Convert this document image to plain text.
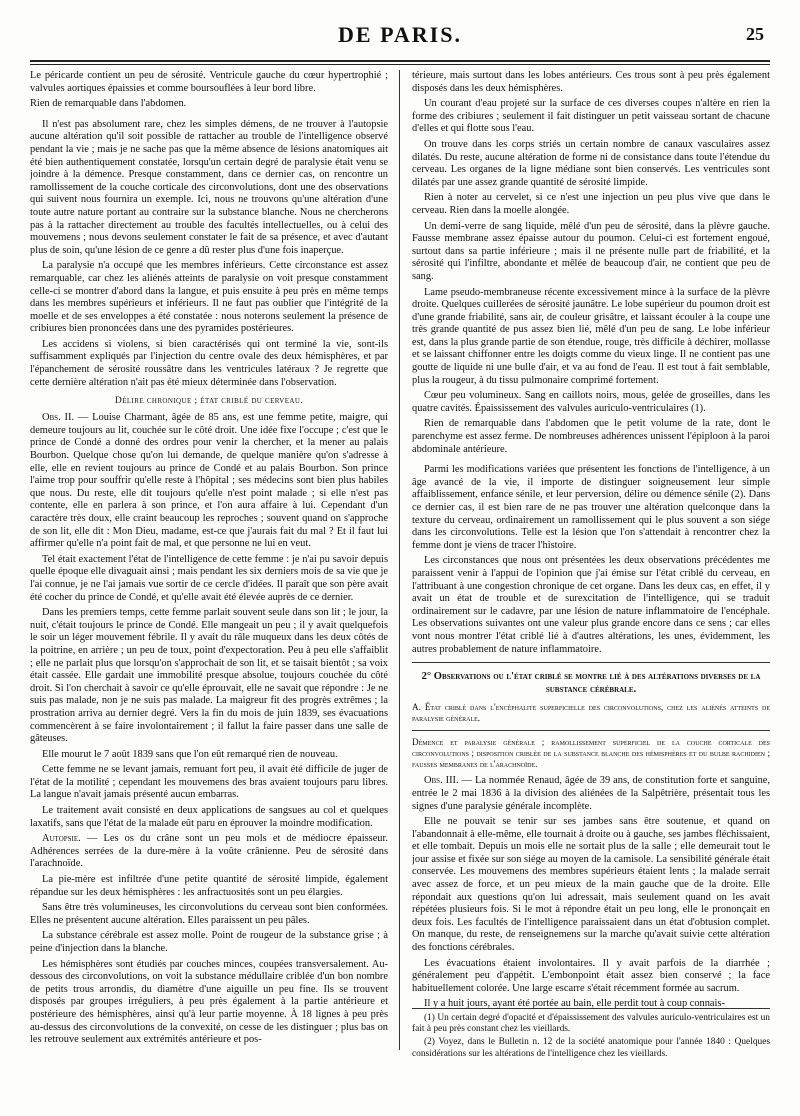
DE PARIS.	25

Le péricarde contient un peu de sérosité. Ventricule gauche du cœur hypertrophié ; valvules aortiques épaissies et comme boursouflées à leur bord libre.

Rien de remarquable dans l'abdomen.

Il n'est pas absolument rare, chez les simples démens, de ne trouver à l'autopsie aucune altération qu'il soit possible de rattacher au trouble de l'intelligence observé pendant la vie ; mais je ne sache pas que la même absence de lésions anatomiques ait été bien authentiquement constatée, lorsqu'un certain degré de paralysie était venu se joindre à la démence. Presque constamment, dans ce dernier cas, on rencontre un ramollissement de la couche corticale des circonvolutions, dont une des observations qui suivent nous fournira un exemple. Ici, nous ne trouvons qu'une altération d'une toute autre nature portant au contraire sur la substance blanche. Nous ne chercherons pas à la rattacher directement au trouble des facultés intellectuelles, ou à celui des mouvemens ; nous devons seulement constater le fait de sa présence, et avec d'autant plus de soin, qu'une lésion de ce genre a dû rester plus d'une fois inaperçue.

La paralysie n'a occupé que les membres inférieurs. Cette circonstance est assez remarquable, car chez les aliénés atteints de paralysie on voit presque constamment celle-ci se montrer d'abord dans la langue, et puis ensuite à peu près en même temps dans les membres supérieurs et inférieurs. Il ne faut pas oublier que l'intégrité de la moelle et de ses enveloppes a été constatée : nous noterons seulement la présence de cribiures bien prononcées dans une des pyramides postérieures.

Les accidens si violens, si bien caractérisés qui ont terminé la vie, sont-ils suffisamment expliqués par l'injection du centre ovale des deux hémisphères, et par l'épanchement de sérosité roussâtre dans les ventricules latéraux ? Je regrette que cette dernière altération n'ait pas été mieux déterminée dans l'observation.

Délire chronique ; état criblé du cerveau.

Obs. II. — Louise Charmant, âgée de 85 ans, est une femme petite, maigre, qui demeure toujours au lit, couchée sur le côté droit. Une idée fixe l'occupe ; c'est que le prince de Condé a donné des ordres pour venir la chercher, et la mener au palais Bourbon. Quelque chose qu'on lui demande, de quelque manière qu'on s'adresse à elle, elle en revient toujours au prince de Condé et au palais Bourbon. Son prince l'aime trop pour souffrir qu'elle reste à l'hôpital ; ses médecins sont bien plus habiles que nous. Du reste, elle dit toujours qu'elle n'est point malade ; si elle n'est pas contente, elle en parlera à son prince, et l'on aura affaire à lui. Cependant d'un caractère très doux, elle craint beaucoup les reproches ; souvent quand on s'approche de son lit, elle dit : Mon Dieu, madame, est-ce que j'aurais fait du mal ? Et il faut lui affirmer qu'elle n'a point fait de mal, et que personne ne lui en veut.

Tel était exactement l'état de l'intelligence de cette femme : je n'ai pu savoir depuis quelle époque elle divaguait ainsi ; mais pendant les six derniers mois de sa vie que je l'ai connue, je ne l'ai jamais vue sortir de ce cercle d'idées. Il paraît que son père avait été cocher du prince de Condé, et qu'elle avait été élevée auprès de ce dernier.

Dans les premiers temps, cette femme parlait souvent seule dans son lit ; le jour, la nuit, c'était toujours le prince de Condé. Elle mangeait un peu ; il y avait quelquefois le soir un léger mouvement fébrile. Il y avait du râle muqueux dans les deux côtés de la poitrine, en arrière ; un peu de toux, point d'expectoration. Peu à peu elle s'affaiblit ; elle ne parlait plus que lorsqu'on s'approchait de son lit, et se taisait bientôt ; sa voix était cassée. Elle gardait une immobilité presque absolue, toujours couchée du côté droit. Si l'on cherchait à savoir ce qu'elle éprouvait, elle ne savait que répondre : Je ne suis pas malade, non je ne suis pas malade. La maigreur fit des progrès extrêmes ; la prostration arriva au dernier degré. Vers la fin du mois de juin 1839, ses évacuations commencèrent à se faire involontairement ; il fallut la faire passer dans une salle de gâteuses.

Elle mourut le 7 août 1839 sans que l'on eût remarqué rien de nouveau.

Cette femme ne se levant jamais, remuant fort peu, il avait été difficile de juger de l'état de la motilité ; cependant les mouvemens des bras avaient toujours paru libres. La langue n'avait jamais présenté aucun embarras.

Le traitement avait consisté en deux applications de sangsues au col et quelques laxatifs, sans que l'état de la malade eût paru en éprouver la moindre modification.

Autopsie. — Les os du crâne sont un peu mols et de médiocre épaisseur. Adhérences serrées de la dure-mère à la voûte crânienne. Peu de sérosité dans l'arachnoïde.

La pie-mère est infiltrée d'une petite quantité de sérosité limpide, également répandue sur les deux hémisphères : les anfractuosités sont un peu élargies.

Sans être très volumineuses, les circonvolutions du cerveau sont bien conformées. Elles ne présentent aucune altération. Elles paraissent un peu pâles.

La substance cérébrale est assez molle. Point de rougeur de la substance grise ; à peine d'injection dans la blanche.

Les hémisphères sont étudiés par couches minces, coupées transversalement. Au-dessous des circonvolutions, on voit la substance médullaire criblée d'un bon nombre de petits trous arrondis, du diamètre d'une aiguille un peu fine. Ils se trouvent disposés par groupes irréguliers, à peu près également à la partie antérieure et postérieure des hémisphères, ainsi qu'à leur partie moyenne. À 18 lignes à peu près au-dessus des circonvolutions de la convexité, on cesse de les distinguer ; plus bas on les retrouve seulement aux extrémités antérieure et pos-

térieure, mais surtout dans les lobes antérieurs. Ces trous sont à peu près également disposés dans les deux hémisphères.

Un courant d'eau projeté sur la surface de ces diverses coupes n'altère en rien la forme des cribiures ; seulement il fait distinguer un petit vaisseau sortant de chacune d'elles et qui flotte sous l'eau.

On trouve dans les corps striés un certain nombre de canaux vasculaires assez dilatés. Du reste, aucune altération de forme ni de consistance dans toute l'étendue du cerveau. Les organes de la ligne médiane sont bien conservés. Les ventricules sont dilatés par une assez grande quantité de sérosité limpide.

Rien à noter au cervelet, si ce n'est une injection un peu plus vive que dans le cerveau. Rien dans la moelle alongée.

Un demi-verre de sang liquide, mêlé d'un peu de sérosité, dans la plèvre gauche. Fausse membrane assez épaisse autour du poumon. Celui-ci est fortement engoué, surtout dans sa partie inférieure ; mais il ne présente nulle part de friabilité, et la sérosité qui l'infiltre, abondante et mêlée de beaucoup d'air, ne contient que peu de sang.

Lame pseudo-membraneuse récente excessivement mince à la surface de la plèvre droite. Quelques cuillerées de sérosité jaunâtre. Le lobe supérieur du poumon droit est d'une grande friabilité, sans air, de couleur grisâtre, et laissant écouler à la coupe une très grande quantité de pus assez bien lié, mêlé d'un peu de sang. Le lobe inférieur est, dans la plus grande partie de son étendue, rouge, très difficile à déchirer, mollasse et se laissant chiffonner entre les doigts comme du vieux linge. Il ne contient pas une goutte de liquide ni une bulle d'air, et va au fond de l'eau. Il est tout à fait semblable, plus la rougeur, à du tissu pulmonaire comprimé fortement.

Cœur peu volumineux. Sang en caillots noirs, mous, gelée de groseilles, dans les quatre cavités. Épaississement des valvules auriculo-ventriculaires (1).

Rien de remarquable dans l'abdomen que le petit volume de la rate, dont le parenchyme est assez ferme. De nombreuses adhérences unissent l'épiploon à la paroi abdominale antérieure.

Parmi les modifications variées que présentent les fonctions de l'intelligence, à un âge avancé de la vie, il importe de distinguer soigneusement leur simple affaiblissement, enfance sénile, et leur perversion, délire ou démence sénile (2). Dans ce dernier cas, il est bien rare de ne pas trouver une altération quelconque dans la texture du cerveau, ordinairement un ramollissement qui le plus souvent a son siége dans les circonvolutions. Telle est la lésion que l'on s'attendait à rencontrer chez la femme dont je viens de tracer l'histoire.

Les circonstances que nous ont présentées les deux observations précédentes me paraissent venir à l'appui de l'opinion que j'ai émise sur l'état criblé du cerveau, en l'attribuant à une congestion chronique de cet organe. Dans les deux cas, en effet, il y avait un état de trouble et de surexcitation de l'intelligence, qui se traduit ordinairement sur le cadavre, par une lésion de nature inflammatoire de l'encéphale. Les observations suivantes ont une valeur plus grande encore dans ce sens ; car elles vont nous montrer l'état criblé lié à d'autres altérations, les unes, évidemment, les autres probablement de nature inflammatoire.

2° Observations ou l'état criblé se montre lié à des altérations diverses de la substance cérébrale.
A. État criblé dans l'encéphalite superficielle des circonvolutions, chez les aliénés atteints de paralysie générale.
Démence et paralysie générale ; ramollissement superficiel de la couche corticale des circonvolutions ; disposition criblée de la substance blanche des hémisphères et du bulbe rachidien ; fausses membranes de l'arachnoïde.

Obs. III. — La nommée Renaud, âgée de 39 ans, de constitution forte et sanguine, entrée le 2 mai 1836 à la division des aliénées de la Salpêtrière, présentait tous les signes d'une paralysie générale incomplète.

Elle ne pouvait se tenir sur ses jambes sans être soutenue, et quand on l'abandonnait à elle-même, elle tournait à droite ou à gauche, ses jambes fléchissaient, et elle tombait. Depuis un mois elle ne sortait plus de la salle ; elle demeurait tout le jour assise et fixée sur son siége au moyen de la camisole. La sensibilité générale était conservée. Les mouvemens des membres supérieurs étaient lents ; la malade serrait avec assez de force, et un peu mieux de la main gauche que de la droite. Elle répondait aux questions qu'on lui adressait, mais seulement quand on les avait répétées plusieurs fois. Si le mot à répondre était un peu long, elle le prononçait en deux fois. Les facultés de l'intelligence paraissaient dans un état d'obtusion complet. On manque, du reste, de renseignemens sur la marche qu'avait suivie cette altération des fonctions cérébrales.

Les évacuations étaient involontaires. Il y avait parfois de la diarrhée ; généralement peu d'appétit. L'embonpoint était assez bien conservé ; la face habituellement colorée. Une large escarre s'était récemment formée au sacrum.

Il y a huit jours, ayant été portée au bain, elle perdit tout à coup connais-

(1) Un certain degré d'opacité et d'épaississement des valvules auriculo-ventriculaires est un fait à peu près constant chez les vieillards.

(2) Voyez, dans le Bulletin n. 12 de la société anatomique pour l'année 1840 : Quelques considérations sur les altérations de l'intelligence chez les vieillards.
